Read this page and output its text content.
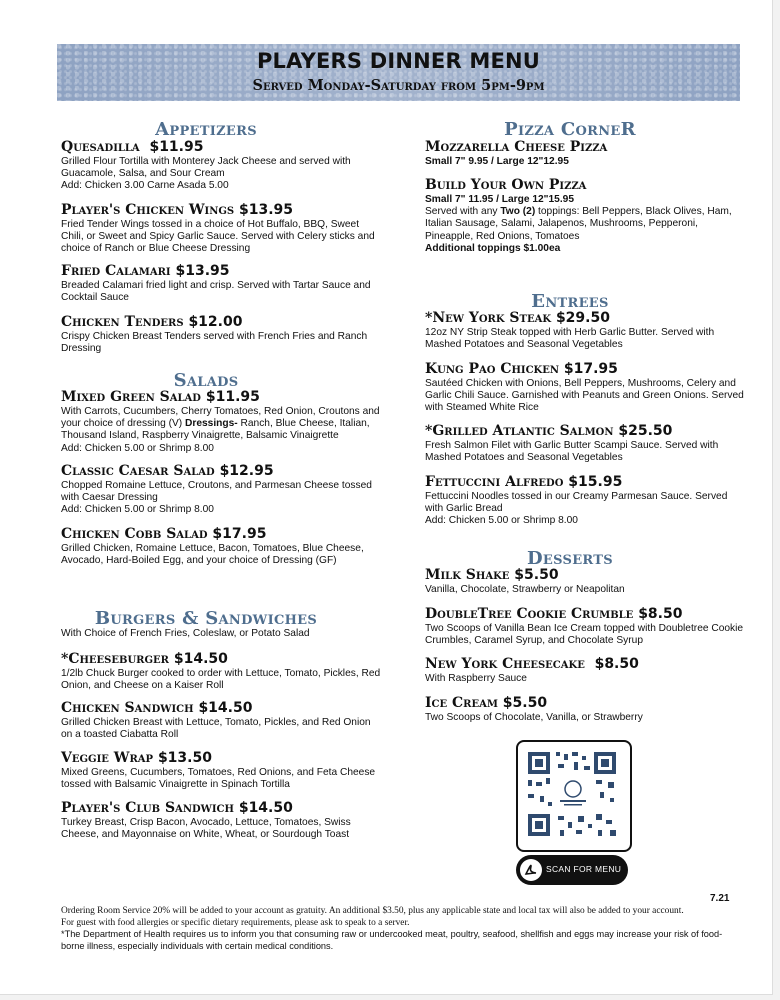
PLAYERS DINNER MENU
Served Monday-Saturday from 5pm-9pm
Appetizers
Quesadilla $11.95
Grilled Flour Tortilla with Monterey Jack Cheese and served with
Guacamole, Salsa, and Sour Cream
Add: Chicken 3.00 Carne Asada 5.00
Player's Chicken Wings $13.95
Fried Tender Wings tossed in a choice of Hot Buffalo, BBQ, Sweet
Chili, or Sweet and Spicy Garlic Sauce. Served with Celery sticks and
choice of Ranch or Blue Cheese Dressing
Fried Calamari $13.95
Breaded Calamari fried light and crisp. Served with Tartar Sauce and
Cocktail Sauce
Chicken Tenders $12.00
Crispy Chicken Breast Tenders served with French Fries and Ranch
Dressing
Salads
Mixed Green Salad $11.95
With Carrots, Cucumbers, Cherry Tomatoes, Red Onion, Croutons and
your choice of dressing (V) Dressings- Ranch, Blue Cheese, Italian,
Thousand Island, Raspberry Vinaigrette, Balsamic Vinaigrette
Add: Chicken 5.00 or Shrimp 8.00
Classic Caesar Salad $12.95
Chopped Romaine Lettuce, Croutons, and Parmesan Cheese tossed
with Caesar Dressing
Add: Chicken 5.00 or Shrimp 8.00
Chicken Cobb Salad $17.95
Grilled Chicken, Romaine Lettuce, Bacon, Tomatoes, Blue Cheese,
Avocado, Hard-Boiled Egg, and your choice of Dressing (GF)
Burgers & Sandwiches
With Choice of French Fries, Coleslaw, or Potato Salad
*Cheeseburger $14.50
1/2lb Chuck Burger cooked to order with Lettuce, Tomato, Pickles, Red
Onion, and Cheese on a Kaiser Roll
Chicken Sandwich $14.50
Grilled Chicken Breast with Lettuce, Tomato, Pickles, and Red Onion
on a toasted Ciabatta Roll
Veggie Wrap $13.50
Mixed Greens, Cucumbers, Tomatoes, Red Onions, and Feta Cheese
tossed with Balsamic Vinaigrette in Spinach Tortilla
Player's Club Sandwich $14.50
Turkey Breast, Crisp Bacon, Avocado, Lettuce, Tomatoes, Swiss
Cheese, and Mayonnaise on White, Wheat, or Sourdough Toast
Pizza CorneR
Mozzarella Cheese Pizza
Small 7" 9.95 / Large 12"12.95
Build Your Own Pizza
Small 7" 11.95 / Large 12"15.95
Served with any Two (2) toppings: Bell Peppers, Black Olives, Ham,
Italian Sausage, Salami, Jalapenos, Mushrooms, Pepperoni,
Pineapple, Red Onions, Tomatoes
Additional toppings $1.00ea
Entrees
*New York Steak $29.50
12oz NY Strip Steak topped with Herb Garlic Butter. Served with
Mashed Potatoes and Seasonal Vegetables
Kung Pao Chicken $17.95
Sautéed Chicken with Onions, Bell Peppers, Mushrooms, Celery and
Garlic Chili Sauce. Garnished with Peanuts and Green Onions. Served
with Steamed White Rice
*Grilled Atlantic Salmon $25.50
Fresh Salmon Filet with Garlic Butter Scampi Sauce. Served with
Mashed Potatoes and Seasonal Vegetables
Fettuccini Alfredo $15.95
Fettuccini Noodles tossed in our Creamy Parmesan Sauce. Served
with Garlic Bread
Add: Chicken 5.00 or Shrimp 8.00
Desserts
Milk Shake $5.50
Vanilla, Chocolate, Strawberry or Neapolitan
DoubleTree Cookie Crumble $8.50
Two Scoops of Vanilla Bean Ice Cream topped with Doubletree Cookie
Crumbles, Caramel Syrup, and Chocolate Syrup
New York Cheesecake $8.50
With Raspberry Sauce
Ice Cream $5.50
Two Scoops of Chocolate, Vanilla, or Strawberry
SCAN FOR MENU
7.21
Ordering Room Service 20% will be added to your account as gratuity. An additional $3.50, plus any applicable state and local tax will also be added to your account.
For guest with food allergies or specific dietary requirements, please ask to speak to a server.
*The Department of Health requires us to inform you that consuming raw or undercooked meat, poultry, seafood, shellfish and eggs may increase your risk of food-
borne illness, especially individuals with certain medical conditions.
